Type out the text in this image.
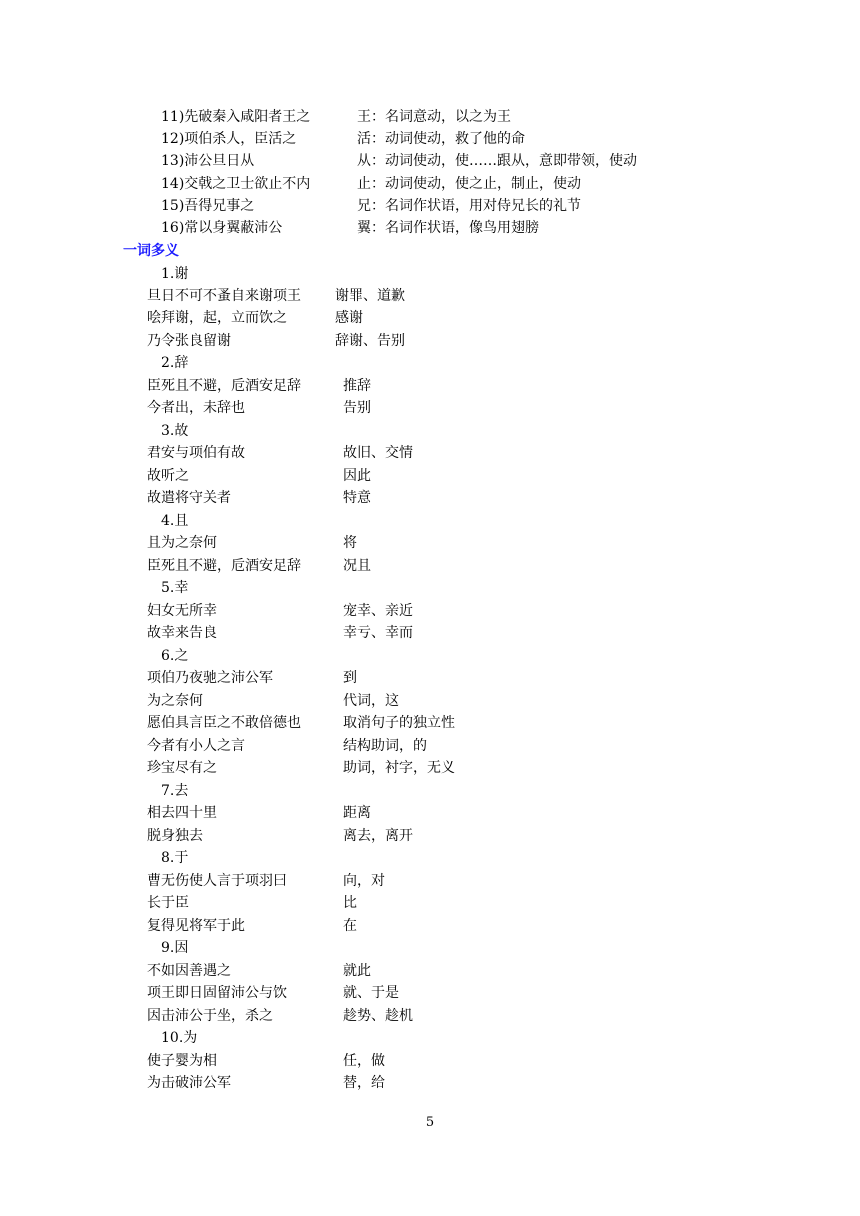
11)先破秦入咸阳者王之	王：名词意动，以之为王
12)项伯杀人，臣活之	活：动词使动，救了他的命
13)沛公旦日从	从：动词使动，使……跟从，意即带领，使动
14)交戟之卫士欲止不内	止：动词使动，使之止，制止，使动
15)吾得兄事之	兄：名词作状语，用对侍兄长的礼节
16)常以身翼蔽沛公	翼：名词作状语，像鸟用翅膀
一词多义
1.谢
旦日不可不蚤自来谢项王 谢罪、道歉
哙拜谢，起，立而饮之	感谢
乃令张良留谢	辞谢、告别
2.辞
臣死且不避，卮酒安足辞	推辞
今者出，未辞也	告别
3.故
君安与项伯有故	故旧、交情
故听之	因此
故遣将守关者	特意
4.且
且为之奈何	将
臣死且不避，卮酒安足辞	况且
5.幸
妇女无所幸	宠幸、亲近
故幸来告良	幸亏、幸而
6.之
项伯乃夜驰之沛公军	到
为之奈何	代词，这
愿伯具言臣之不敢倍德也	取消句子的独立性
今者有小人之言	结构助词，的
珍宝尽有之	助词，衬字，无义
7.去
相去四十里	距离
脱身独去	离去，离开
8.于
曹无伤使人言于项羽曰	向，对
长于臣	比
复得见将军于此	在
9.因
不如因善遇之	就此
项王即日固留沛公与饮	就、于是
因击沛公于坐，杀之	趁势、趁机
10.为
使子婴为相	任，做
为击破沛公军	替，给
5
